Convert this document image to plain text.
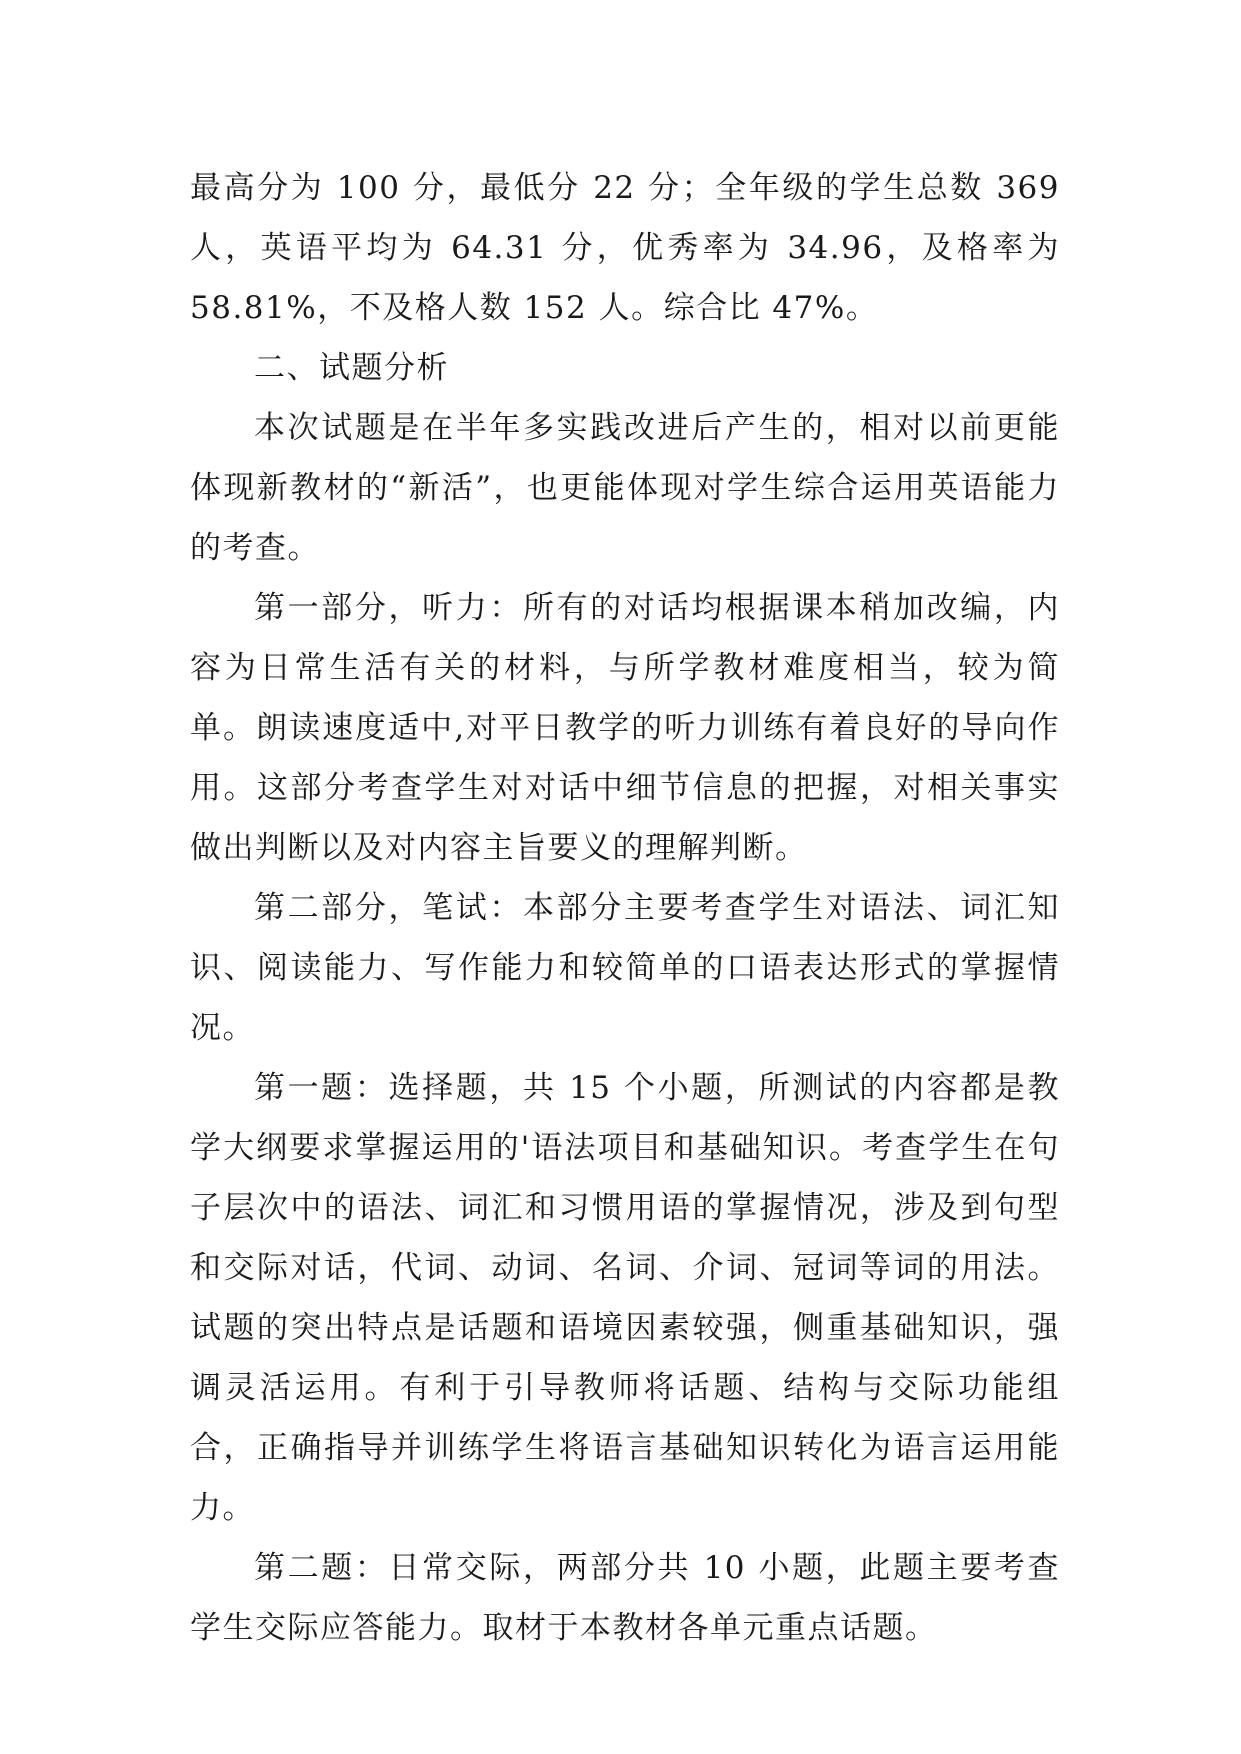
最高分为 100 分，最低分 22 分；全年级的学生总数 369 人，英语平均为 64.31 分，优秀率为 34.96，及格率为 58.81%，不及格人数 152 人。综合比 47%。

二、试题分析

本次试题是在半年多实践改进后产生的，相对以前更能体现新教材的“新活”，也更能体现对学生综合运用英语能力的考查。

第一部分，听力：所有的对话均根据课本稍加改编，内容为日常生活有关的材料，与所学教材难度相当，较为简单。朗读速度适中,对平日教学的听力训练有着良好的导向作用。这部分考查学生对对话中细节信息的把握，对相关事实做出判断以及对内容主旨要义的理解判断。

第二部分，笔试：本部分主要考查学生对语法、词汇知识、阅读能力、写作能力和较简单的口语表达形式的掌握情况。

第一题：选择题，共 15 个小题，所测试的内容都是教学大纲要求掌握运用的'语法项目和基础知识。考查学生在句子层次中的语法、词汇和习惯用语的掌握情况，涉及到句型和交际对话，代词、动词、名词、介词、冠词等词的用法。试题的突出特点是话题和语境因素较强，侧重基础知识，强调灵活运用。有利于引导教师将话题、结构与交际功能组合，正确指导并训练学生将语言基础知识转化为语言运用能力。

第二题：日常交际，两部分共 10 小题，此题主要考查学生交际应答能力。取材于本教材各单元重点话题。
